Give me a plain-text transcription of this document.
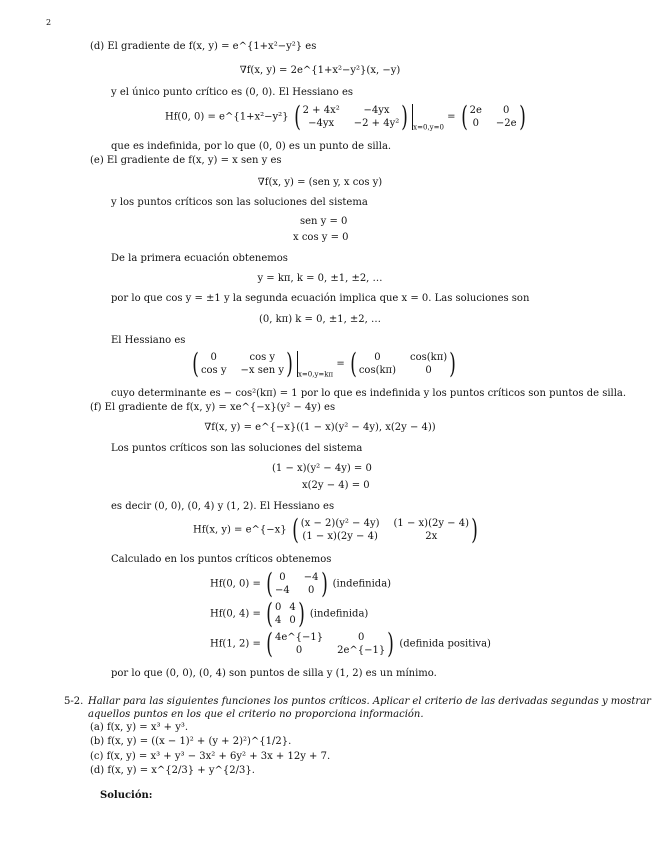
2
(d) El gradiente de f(x, y) = e^{1+x²−y²} es
∇f(x, y) = 2e^{1+x²−y²}(x, −y)
y el único punto crítico es (0, 0). El Hessiano es
Hf(0, 0) = e^{1+x²−y²} ( 2 + 4x²	−4yx
−4yx	−2 + 4y² ) $_{x=0,y=0}$ = ( 2e	0
0 −2e )
que es indefinida, por lo que (0, 0) es un punto de silla.
(e) El gradiente de f(x, y) = x sen y es
∇f(x, y) = (sen y, x cos y)
y los puntos críticos son las soluciones del sistema
sen y = 0
x cos y = 0
De la primera ecuación obtenemos
y = kπ, k = 0, ±1, ±2, …
por lo que cos y = ±1 y la segunda ecuación implica que x = 0. Las soluciones son
(0, kπ) k = 0, ±1, ±2, …
El Hessiano es
(	0	cos y
cos y −x sen y ) $_{x=0,y=k\pi}$ = (	0	cos(kπ)
cos(kπ)	0 )
cuyo determinante es − cos²(kπ) = 1 por lo que es indefinida y los puntos críticos son puntos de silla.
(f) El gradiente de f(x, y) = xe^{−x}(y² − 4y) es
∇f(x, y) = e^{−x}((1 − x)(y² − 4y), x(2y − 4))
Los puntos críticos son las soluciones del sistema
(1 − x)(y² − 4y) = 0
x(2y − 4) = 0
es decir (0, 0), (0, 4) y (1, 2). El Hessiano es
Hf(x, y) = e^{−x} ( (x − 2)(y² − 4y) (1 − x)(2y − 4)
(1 − x)(2y − 4)	2x	)
Calculado en los puntos críticos obtenemos
Hf(0, 0) = ( 0	−4
−4	0 ) (indefinida)
Hf(0, 4) = ( 0 4
4 0 ) (indefinida)
Hf(1, 2) = ( 4e^{−1}	0
0	2e^{−1} ) (definida positiva)
por lo que (0, 0), (0, 4) son puntos de silla y (1, 2) es un mínimo.
5-2. Hallar para las siguientes funciones los puntos críticos. Aplicar el criterio de las derivadas segundas y mostrar
aquellos puntos en los que el criterio no proporciona información.
(a) f(x, y) = x³ + y³.
(b) f(x, y) = ((x − 1)² + (y + 2)²)^{1/2}.
(c) f(x, y) = x³ + y³ − 3x² + 6y² + 3x + 12y + 7.
(d) f(x, y) = x^{2/3} + y^{2/3}.
Solución:
